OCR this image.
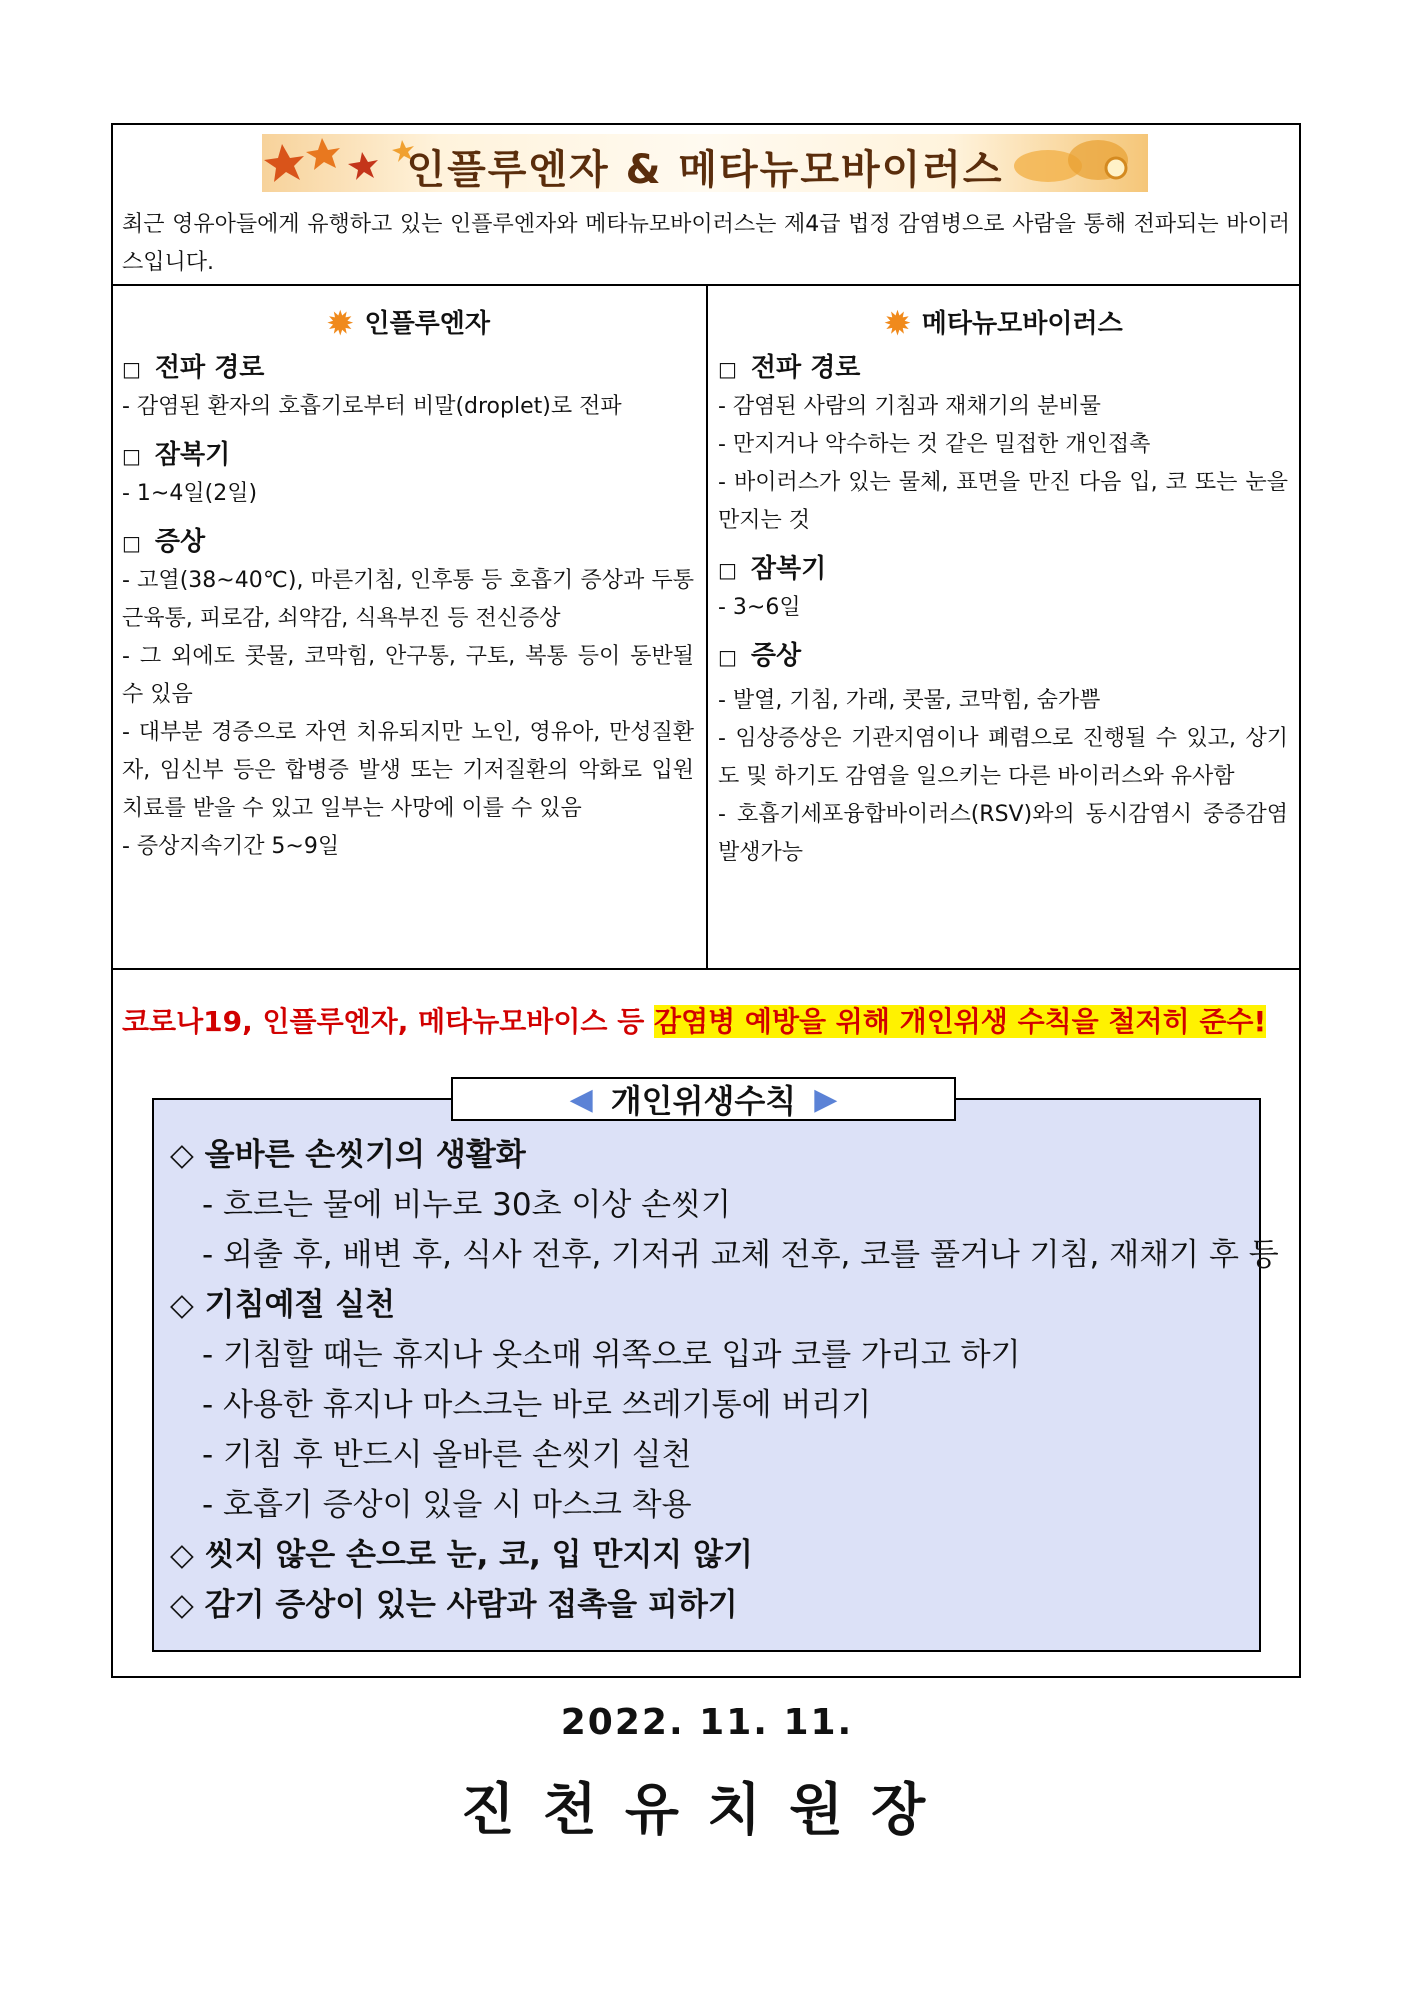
인플루엔자 & 메타뉴모바이러스
최근 영유아들에게 유행하고 있는 인플루엔자와 메타뉴모바이러스는 제4급 법정 감염병으로 사람을 통해 전파되는 바이러스입니다.
✹ 인플루엔자
□ 전파 경로
- 감염된 환자의 호흡기로부터 비말(droplet)로 전파
□ 잠복기
- 1~4일(2일)
□ 증상
- 고열(38~40℃), 마른기침, 인후통 등 호흡기 증상과 두통 근육통, 피로감, 쇠약감, 식욕부진 등 전신증상
- 그 외에도 콧물, 코막힘, 안구통, 구토, 복통 등이 동반될 수 있음
- 대부분 경증으로 자연 치유되지만 노인, 영유아, 만성질환자, 임신부 등은 합병증 발생 또는 기저질환의 악화로 입원치료를 받을 수 있고 일부는 사망에 이를 수 있음
- 증상지속기간 5~9일
✹ 메타뉴모바이러스
□ 전파 경로
- 감염된 사람의 기침과 재채기의 분비물
- 만지거나 악수하는 것 같은 밀접한 개인접촉
- 바이러스가 있는 물체, 표면을 만진 다음 입, 코 또는 눈을 만지는 것
□ 잠복기
- 3~6일
□ 증상
- 발열, 기침, 가래, 콧물, 코막힘, 숨가쁨
- 임상증상은 기관지염이나 폐렴으로 진행될 수 있고, 상기도 및 하기도 감염을 일으키는 다른 바이러스와 유사함
- 호흡기세포융합바이러스(RSV)와의 동시감염시 중증감염 발생가능
코로나19, 인플루엔자, 메타뉴모바이스 등 감염병 예방을 위해 개인위생 수칙을 철저히 준수!
◀ 개인위생수칙 ▶
◇ 올바른 손씻기의 생활화
- 흐르는 물에 비누로 30초 이상 손씻기
- 외출 후, 배변 후, 식사 전후, 기저귀 교체 전후, 코를 풀거나 기침, 재채기 후 등
◇ 기침예절 실천
- 기침할 때는 휴지나 옷소매 위쪽으로 입과 코를 가리고 하기
- 사용한 휴지나 마스크는 바로 쓰레기통에 버리기
- 기침 후 반드시 올바른 손씻기 실천
- 호흡기 증상이 있을 시 마스크 착용
◇ 씻지 않은 손으로 눈, 코, 입 만지지 않기
◇ 감기 증상이 있는 사람과 접촉을 피하기
2022. 11. 11.
진천유치원장
